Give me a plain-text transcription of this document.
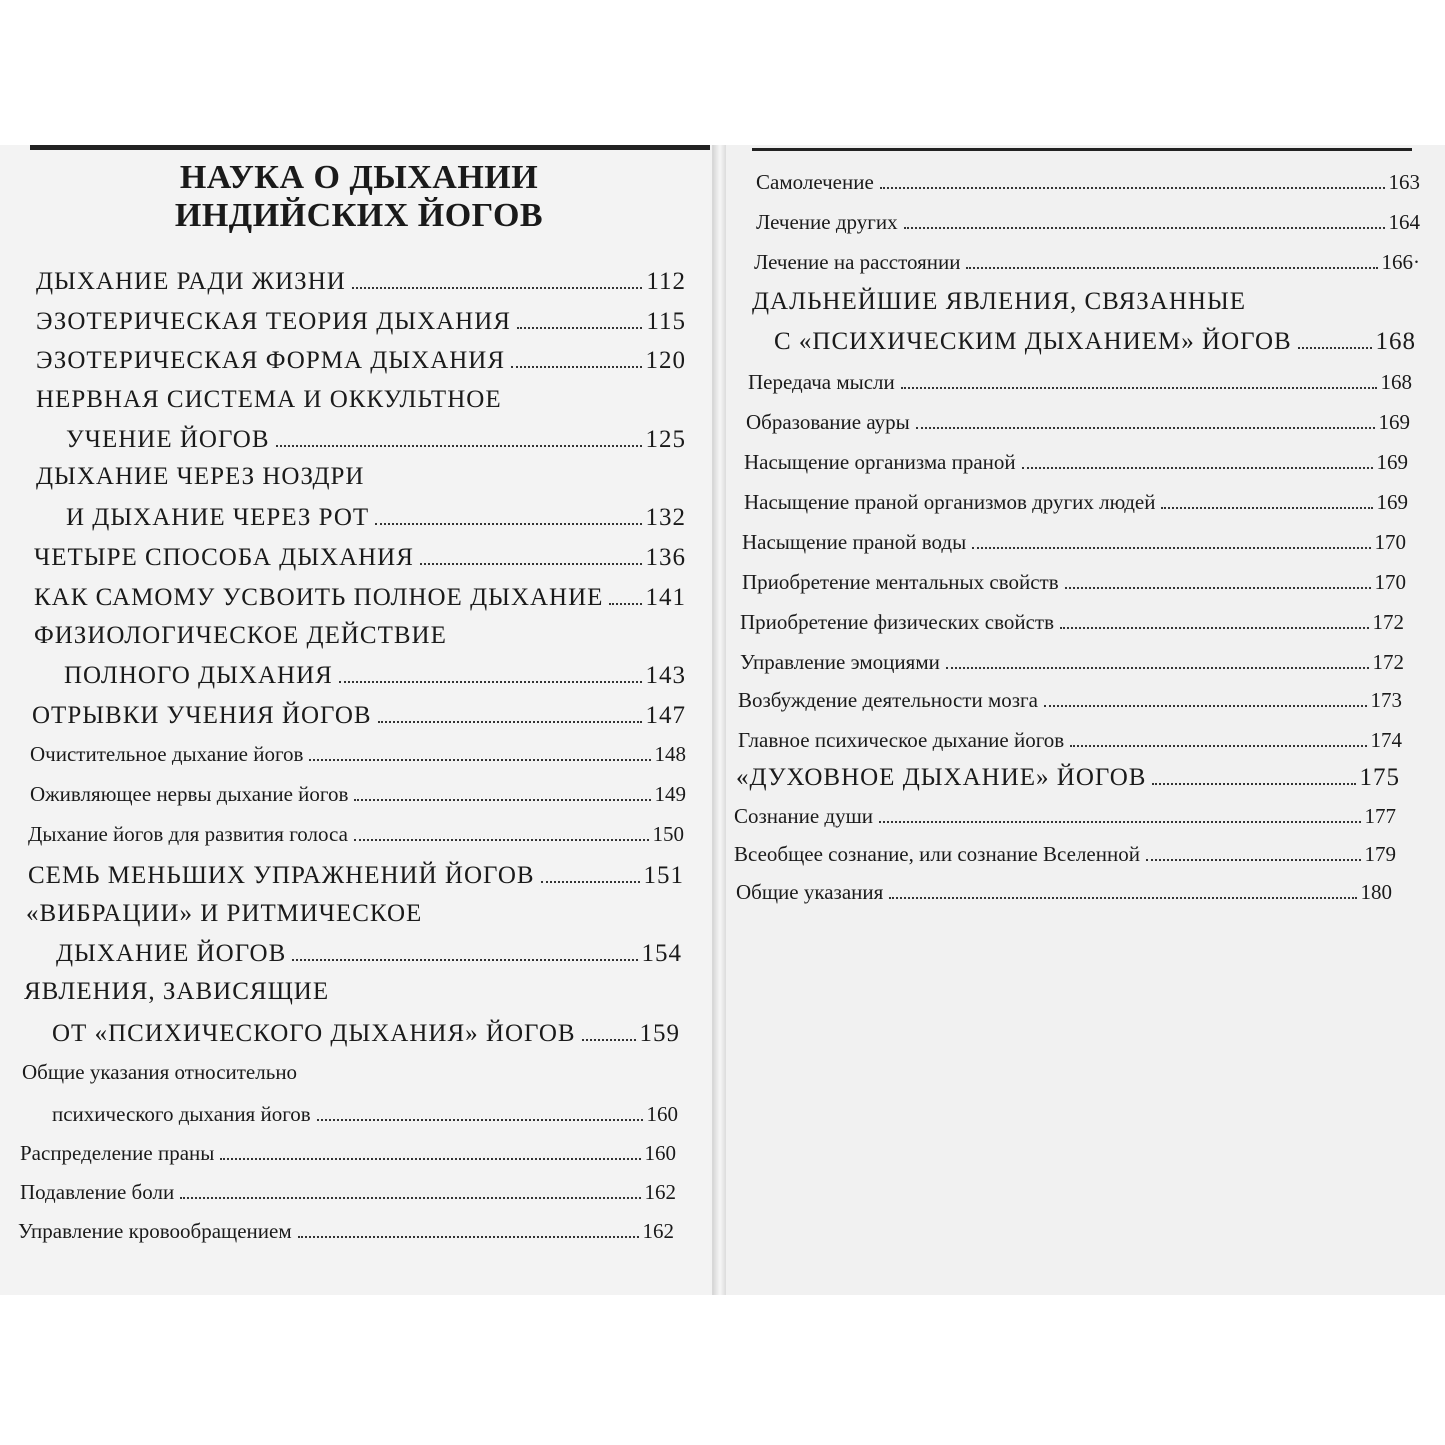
НАУКА О ДЫХАНИИ
ИНДИЙСКИХ ЙОГОВ
ДЫХАНИЕ РАДИ ЖИЗНИ	112
ЭЗОТЕРИЧЕСКАЯ ТЕОРИЯ ДЫХАНИЯ	115
ЭЗОТЕРИЧЕСКАЯ ФОРМА ДЫХАНИЯ	120
НЕРВНАЯ СИСТЕМА И ОККУЛЬТНОЕ
УЧЕНИЕ ЙОГОВ	125
ДЫХАНИЕ ЧЕРЕЗ НОЗДРИ
И ДЫХАНИЕ ЧЕРЕЗ РОТ	132
ЧЕТЫРЕ СПОСОБА ДЫХАНИЯ	136
КАК САМОМУ УСВОИТЬ ПОЛНОЕ ДЫХАНИЕ 141
ФИЗИОЛОГИЧЕСКОЕ ДЕЙСТВИЕ
ПОЛНОГО ДЫХАНИЯ	143
ОТРЫВКИ УЧЕНИЯ ЙОГОВ	147
Очистительное дыхание йогов	148
Оживляющее нервы дыхание йогов	149
Дыхание йогов для развития голоса	150
СЕМЬ МЕНЬШИХ УПРАЖНЕНИЙ ЙОГОВ	151
«ВИБРАЦИИ» И РИТМИЧЕСКОЕ
ДЫХАНИЕ ЙОГОВ	154
ЯВЛЕНИЯ, ЗАВИСЯЩИЕ
ОТ «ПСИХИЧЕСКОГО ДЫХАНИЯ» ЙОГОВ	159
Общие указания относительно
психического дыхания йогов	160
Распределение праны	160
Подавление боли	162
Управление кровообращением	162
Самолечение	163
Лечение других	164
Лечение на расстоянии	166·
ДАЛЬНЕЙШИЕ ЯВЛЕНИЯ, СВЯЗАННЫЕ
С «ПСИХИЧЕСКИМ ДЫХАНИЕМ» ЙОГОВ	168
Передача мысли	168
Образование ауры	169
Насыщение организма праной	169
Насыщение праной организмов других людей	169
Насыщение праной воды	170
Приобретение ментальных свойств	170
Приобретение физических свойств	172
Управление эмоциями	172
Возбуждение деятельности мозга	173
Главное психическое дыхание йогов	174
«ДУХОВНОЕ ДЫХАНИЕ» ЙОГОВ	175
Сознание души	177
Всеобщее сознание, или сознание Вселенной	179
Общие указания	180
